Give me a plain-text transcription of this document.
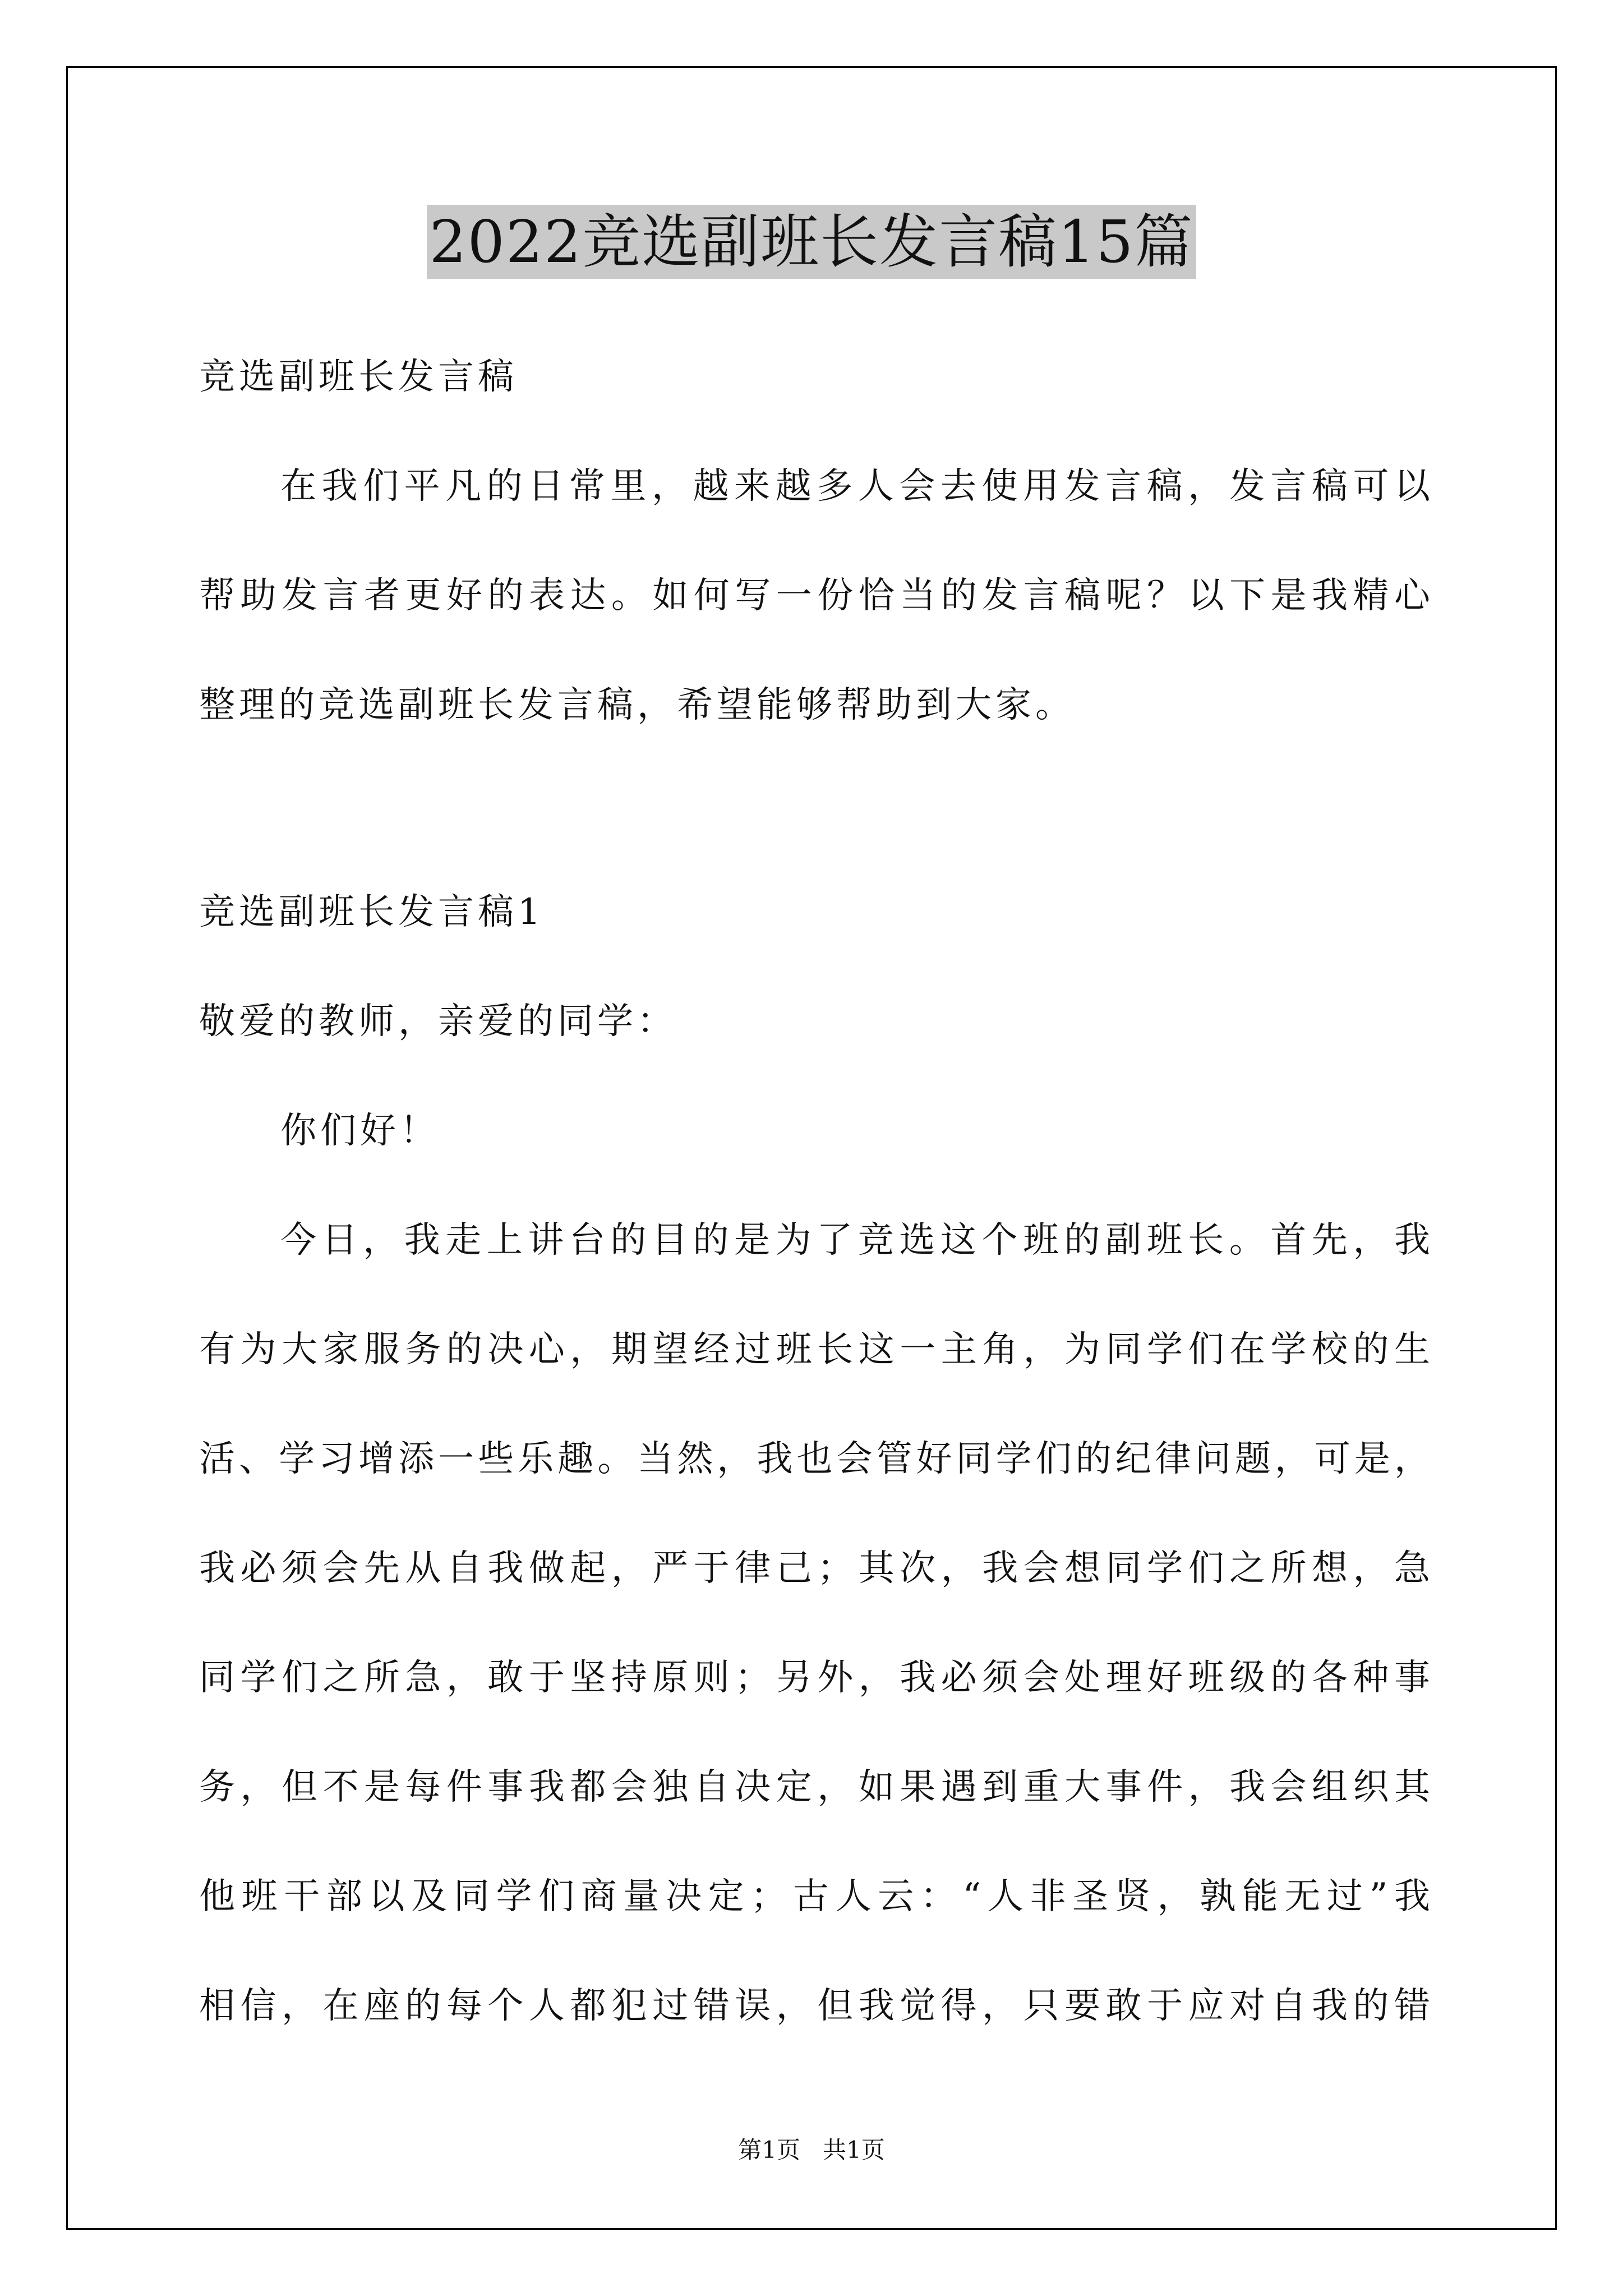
2022竞选副班长发言稿15篇
竞选副班长发言稿
在我们平凡的日常里，越来越多人会去使用发言稿，发言稿可以
帮助发言者更好的表达。如何写一份恰当的发言稿呢？以下是我精心
整理的竞选副班长发言稿，希望能够帮助到大家。
竞选副班长发言稿1
敬爱的教师，亲爱的同学：
你们好！
今日，我走上讲台的目的是为了竞选这个班的副班长。首先，我
有为大家服务的决心，期望经过班长这一主角，为同学们在学校的生
活、学习增添一些乐趣。当然，我也会管好同学们的纪律问题，可是，
我必须会先从自我做起，严于律己；其次，我会想同学们之所想，急
同学们之所急，敢于坚持原则；另外，我必须会处理好班级的各种事
务，但不是每件事我都会独自决定，如果遇到重大事件，我会组织其
他班干部以及同学们商量决定；古人云：“人非圣贤，孰能无过”我
相信，在座的每个人都犯过错误，但我觉得，只要敢于应对自我的错
第1页   共1页
